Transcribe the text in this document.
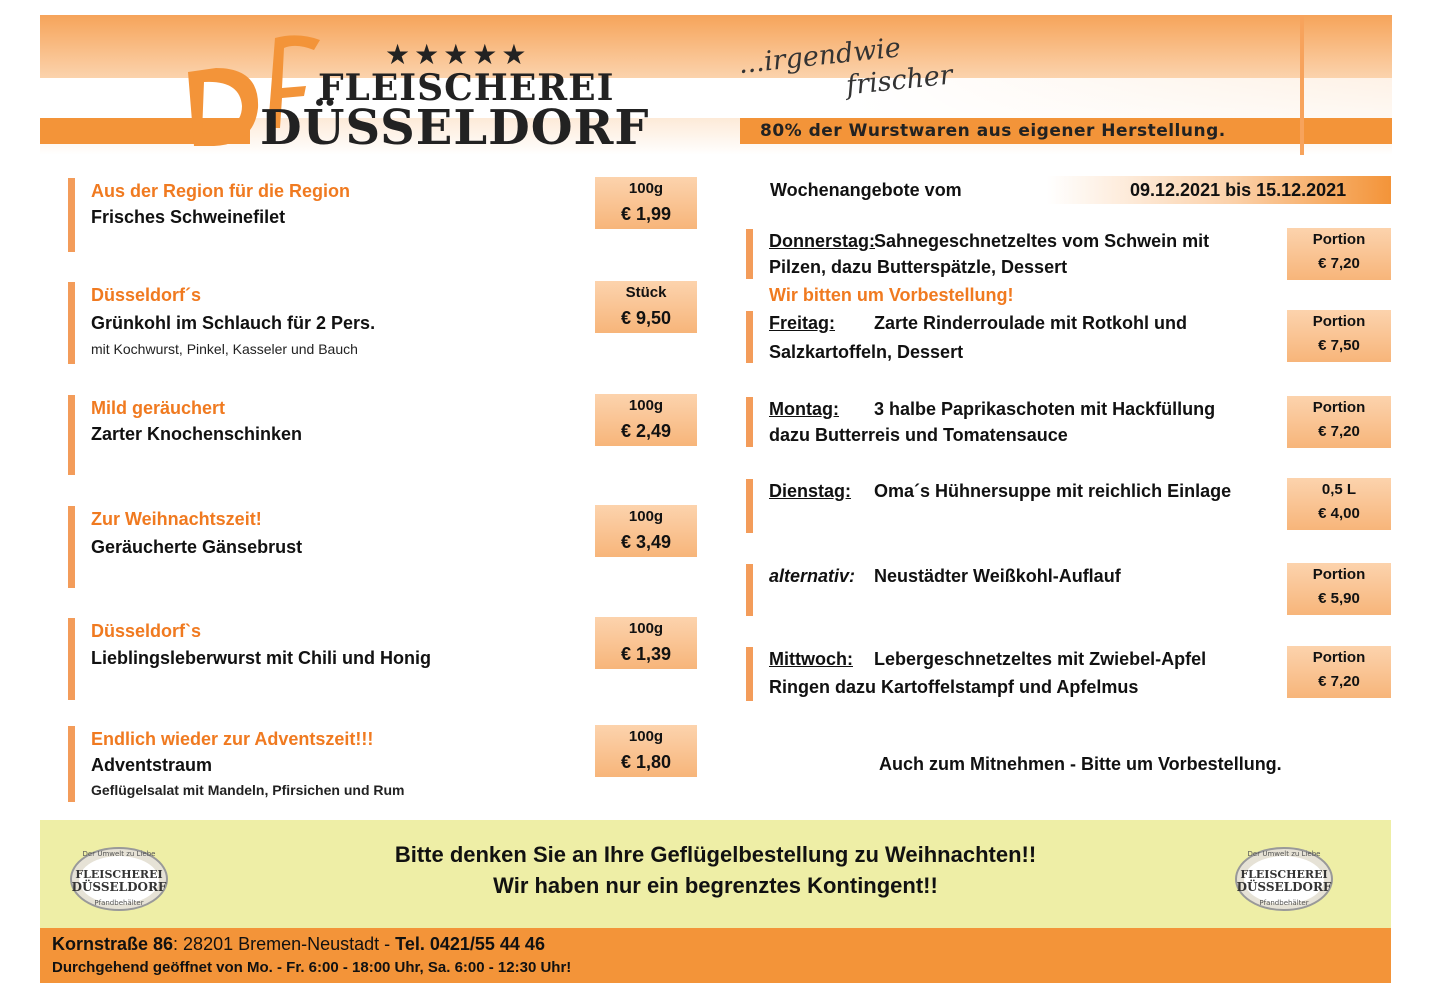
80% der Wurstwaren aus eigener Herstellung.
★★★★★
FLEISCHEREI
DÜSSELDORF
...irgendwie
frischer
Aus der Region für die Region
Frisches Schweinefilet
100g
€ 1,99
Düsseldorf´s
Grünkohl im Schlauch für 2 Pers.
mit Kochwurst, Pinkel, Kasseler und Bauch
Stück
€ 9,50
Mild geräuchert
Zarter Knochenschinken
100g
€ 2,49
Zur Weihnachtszeit!
Geräucherte Gänsebrust
100g
€ 3,49
Düsseldorf`s
Lieblingsleberwurst mit Chili und Honig
100g
€ 1,39
Endlich wieder zur Adventszeit!!!
Adventstraum
Geflügelsalat mit Mandeln, Pfirsichen und Rum
100g
€ 1,80
Wochenangebote vom	09.12.2021 bis 15.12.2021
Donnerstag:
Sahnegeschnetzeltes vom Schwein mit
Pilzen, dazu Butterspätzle, Dessert
Portion
€ 7,20
Wir bitten um Vorbestellung!
Freitag: Zarte Rinderroulade mit Rotkohl und
Salzkartoffeln, Dessert
Portion
€ 7,50
Montag: 3 halbe Paprikaschoten mit Hackfüllung
dazu Butterreis und Tomatensauce
Portion
€ 7,20
Dienstag: Oma´s Hühnersuppe mit reichlich Einlage	0,5 L
€ 4,00
alternativ: Neustädter Weißkohl-Auflauf	Portion
€ 5,90
Mittwoch: Lebergeschnetzeltes mit Zwiebel-Apfel
Ringen dazu Kartoffelstampf und Apfelmus
Portion
€ 7,20
Auch zum Mitnehmen - Bitte um Vorbestellung.
Der Umwelt zu Liebe
FLEISCHEREI
DÜSSELDORF
Pfandbehälter
Bitte denken Sie an Ihre Geflügelbestellung zu Weihnachten!!
Wir haben nur ein begrenztes Kontingent!!
Der Umwelt zu Liebe
FLEISCHEREI
DÜSSELDORF
Pfandbehälter
Kornstraße 86: 28201 Bremen-Neustadt - Tel. 0421/55 44 46
Durchgehend geöffnet von Mo. - Fr. 6:00 - 18:00 Uhr, Sa. 6:00 - 12:30 Uhr!
